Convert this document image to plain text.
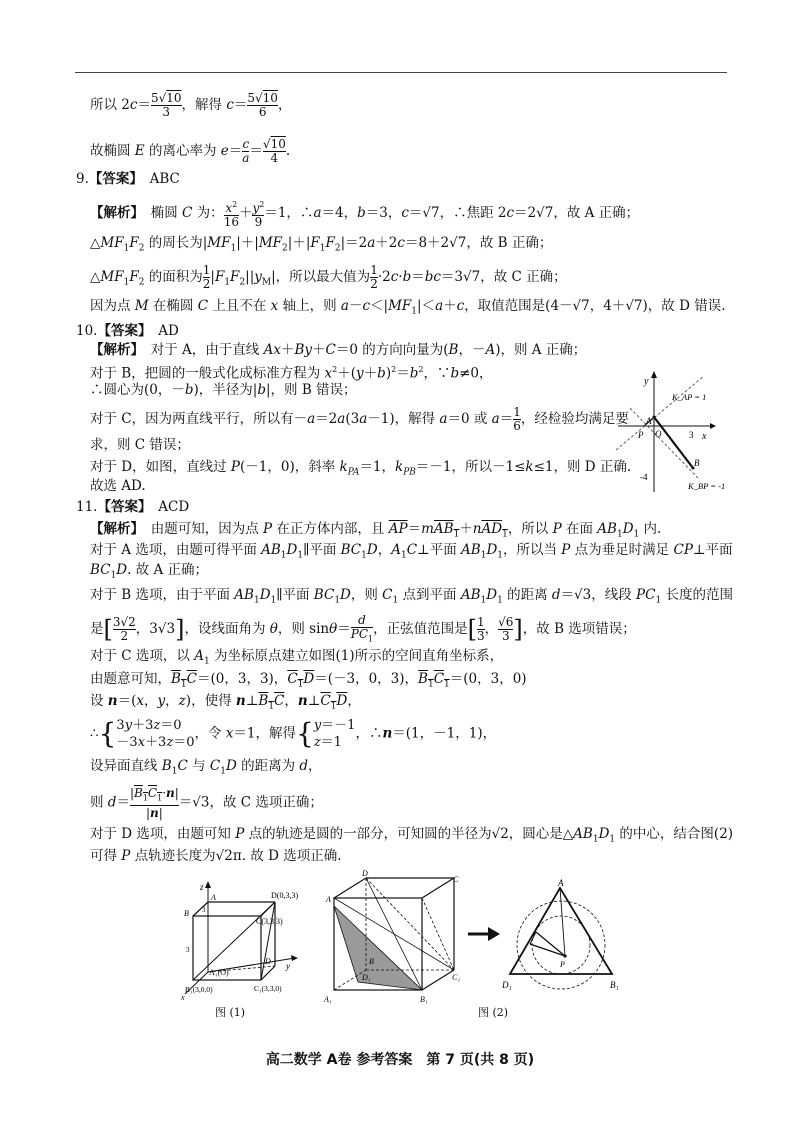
所以 $2c= \frac{5√10}{3}$ ，解得 $c= \frac{5√10}{6}$ ，
故椭圆 E 的离心率为 $e= \frac{c}{a} = \frac{√10}{4}$ .
9.【答案】　ABC
【解析】　椭圆 C 为： $\frac{x^2}{16} + \frac{y^2}{9} =1$，∴a＝4，b＝3，c＝√7，∴焦距 2c＝2√7，故 A 正确；
$\triangle MF_1F_2$ 的周长为$|MF_1|+|MF_2|+|F_1F_2|=2a+2c=8+2√7$，故 B 正确；
$\triangle MF_1F_2$ 的面积为 $\frac{1}{2} |F_1F_2||y_M|$，所以最大值为 $\frac{1}{2} \cdot 2c\cdot b=bc=3√7$，故 C 正确；
因为点 M 在椭圆 C 上且不在 x 轴上，则 $a-c<|MF_1|<a+c$，取值范围是(4－√7，4＋√7)，故 D 错误.
10.【答案】　AD
【解析】　对于 A，由于直线 Ax＋By＋C＝0 的方向向量为(B，－A)，则 A 正确；
对于 B，把圆的一般式化成标准方程为 $x^2+(y+b)^2=b^2$，∵b≠0，
∴圆心为(0，－b)，半径为|b|，则 B 错误；
对于 C，因为两直线平行，所以有－a＝2a(3a－1)，解得 a＝0 或 $a= \frac{1}{6}$ ，经检验均满足要
求，则 C 错误；
对于 D，如图，直线过 P(－1，0)，斜率 $k_{PA}=1$，$k_{PB}=-1$，所以－1≤k≤1，则 D 正确.
故选 AD.
y
K_AP = 1
A
P O	3 x
B
-4
K_BP = -1
11.【答案】　ACD
【解析】　由题可知，因为点 P 在正方体内部，且 $\overline{AP}=mAB_1+nAD_1$，所以 P 在面 $AB_1D_1$ 内.
对于 A 选项，由题可得平面 $AB_1D_1\parallel$平面 $BC_1D$，$A_1C\perp$平面 $AB_1D_1$，所以当 P 点为垂足时满足 CP⊥平面
$BC_1D$. 故 A 正确；
对于 B 选项，由于平面 $AB_1D_1\parallel$平面 $BC_1D$，则 $C_1$ 点到平面 $AB_1D_1$ 的距离 d＝√3，线段 $PC_1$ 长度的范围
是[ $\frac{3√2}{2}$ ，3√3]，设线面角为 θ，则 $\sin\theta= \frac{d}{PC_1}$ ，正弦值范围是[ $\frac{1}{3}$ ， $\frac{√6}{3}$ ]，故 B 选项错误；
对于 C 选项，以 $A_1$ 为坐标原点建立如图(1)所示的空间直角坐标系，
由题意可知，$B_1C=(0$，3，3)，$C_1D=(-3$，0，3)，$B_1C_1=(0$，3，0)
设 n＝(x，y，z)，使得 $n\perp B_1C$，$n\perp C_1D$，
∴{3y＋3z＝0
－3x＋3z＝0，令 x＝1，解得{y＝－1
z＝1，∴n＝(1，－1，1)，
设异面直线 $B_1C$ 与 $C_1D$ 的距离为 d，
则 $d= \frac{|B_1C_1\cdot n|}{|n|} =√3$，故 C 选项正确；
对于 D 选项，由题可知 P 点的轨迹是圆的一部分，可知圆的半径为√2，圆心是$\triangle AB_1D_1$ 的中心，结合图(2)
可得 P 点轨迹长度为√2π. 故 D 选项正确.
z
A	D(0,3,3)
B
C(3,3,3)
3
3
D y
A₁(O)
B₁(3,0,0)	C₁(3,3,0)
x
图 (1)
D
C
A
B
D₁	C₁
A₁	B₁
A
P
D₁	B₁
图 (2)
高二数学 A卷 参考答案　第 7 页(共 8 页)
